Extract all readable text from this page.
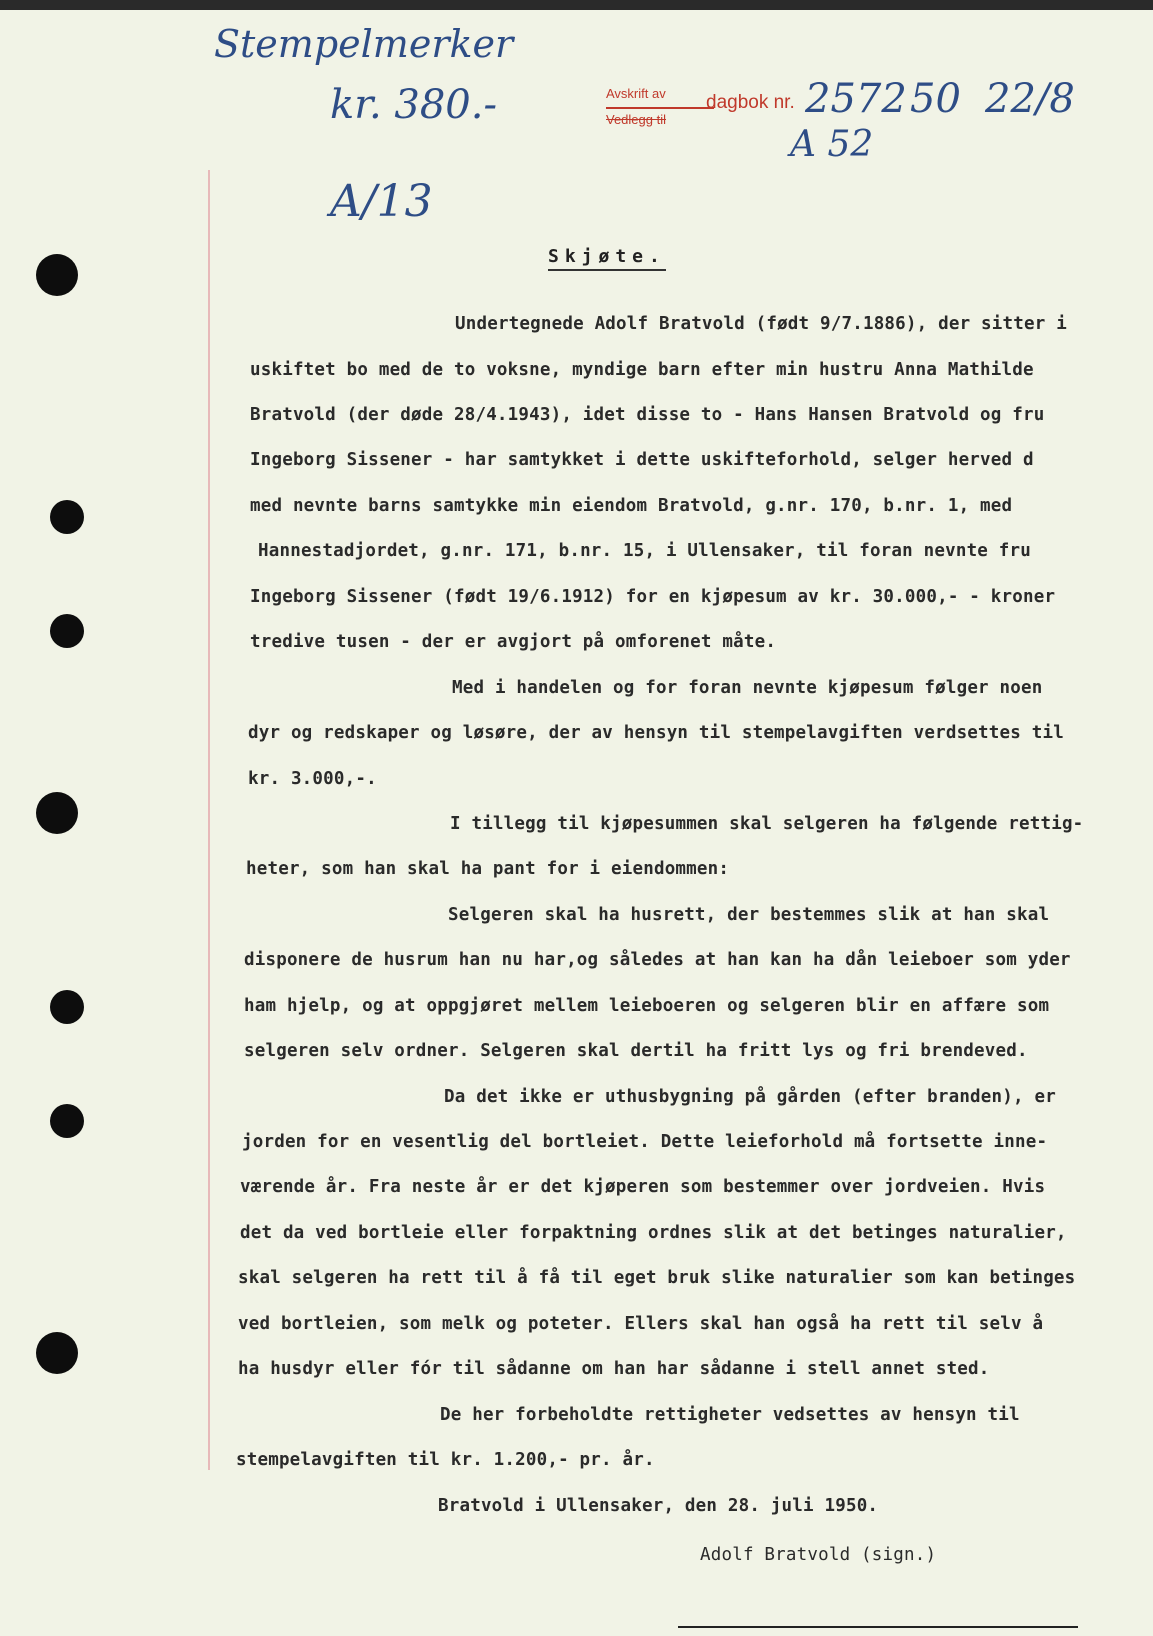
Stempelmerker
kr. 380.-
A/13
Avskrift av
Vedlegg til
dagbok nr. 2572 50 22/8
A 52
Skjøte.
Undertegnede Adolf Bratvold (født 9/7.1886), der sitter i
uskiftet bo med de to voksne, myndige barn efter min hustru Anna Mathilde
Bratvold (der døde 28/4.1943), idet disse to - Hans Hansen Bratvold og fru
Ingeborg Sissener - har samtykket i dette uskifteforhold, selger herved d
med nevnte barns samtykke min eiendom Bratvold, g.nr. 170, b.nr. 1, med
Hannestadjordet, g.nr. 171, b.nr. 15, i Ullensaker, til foran nevnte fru
Ingeborg Sissener (født 19/6.1912) for en kjøpesum av kr. 30.000,- - kroner
tredive tusen - der er avgjort på omforenet måte.
Med i handelen og for foran nevnte kjøpesum følger noen
dyr og redskaper og løsøre, der av hensyn til stempelavgiften verdsettes til
kr. 3.000,-.
I tillegg til kjøpesummen skal selgeren ha følgende rettig-
heter, som han skal ha pant for i eiendommen:
Selgeren skal ha husrett, der bestemmes slik at han skal
disponere de husrum han nu har,og således at han kan ha dån leieboer som yder
ham hjelp, og at oppgjøret mellem leieboeren og selgeren blir en affære som
selgeren selv ordner. Selgeren skal dertil ha fritt lys og fri brendeved.
Da det ikke er uthusbygning på gården (efter branden), er
jorden for en vesentlig del bortleiet. Dette leieforhold må fortsette inne-
værende år. Fra neste år er det kjøperen som bestemmer over jordveien. Hvis
det da ved bortleie eller forpaktning ordnes slik at det betinges naturalier,
skal selgeren ha rett til å få til eget bruk slike naturalier som kan betinges
ved bortleien, som melk og poteter. Ellers skal han også ha rett til selv å
ha husdyr eller fór til sådanne om han har sådanne i stell annet sted.
De her forbeholdte rettigheter vedsettes av hensyn til
stempelavgiften til kr. 1.200,- pr. år.
Bratvold i Ullensaker, den 28. juli 1950.
Adolf Bratvold (sign.)
